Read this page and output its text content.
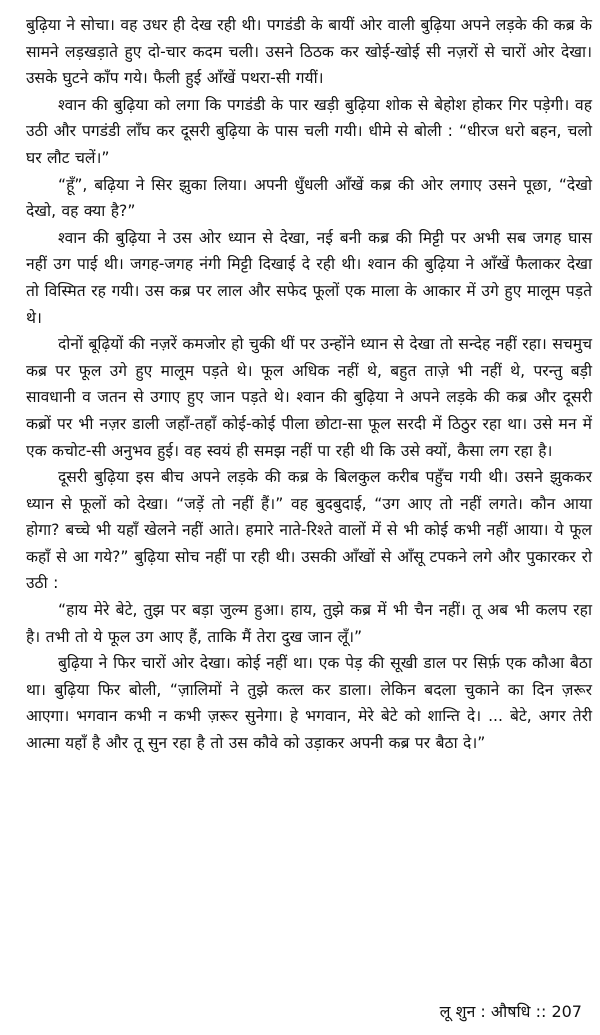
बुढ़िया ने सोचा। वह उधर ही देख रही थी। पगडंडी के बायीं ओर वाली बुढ़िया अपने लड़के की कब्र के सामने लड़खड़ाते हुए दो-चार कदम चली। उसने ठिठक कर खोई-खोई सी नज़रों से चारों ओर देखा। उसके घुटने काँप गये। फैली हुई आँखें पथरा-सी गयीं।

श्वान की बुढ़िया को लगा कि पगडंडी के पार खड़ी बुढ़िया शोक से बेहोश होकर गिर पड़ेगी। वह उठी और पगडंडी लाँघ कर दूसरी बुढ़िया के पास चली गयी। धीमे से बोली : “धीरज धरो बहन, चलो घर लौट चलें।”

“हूँ”, बढ़िया ने सिर झुका लिया। अपनी धुँधली आँखें कब्र की ओर लगाए उसने पूछा, “देखो देखो, वह क्या है?”

श्वान की बुढ़िया ने उस ओर ध्यान से देखा, नई बनी कब्र की मिट्टी पर अभी सब जगह घास नहीं उग पाई थी। जगह-जगह नंगी मिट्टी दिखाई दे रही थी। श्वान की बुढ़िया ने आँखें फैलाकर देखा तो विस्मित रह गयी। उस कब्र पर लाल और सफेद फूलों एक माला के आकार में उगे हुए मालूम पड़ते थे।

दोनों बूढ़ियों की नज़रें कमजोर हो चुकी थीं पर उन्होंने ध्यान से देखा तो सन्देह नहीं रहा। सचमुच कब्र पर फूल उगे हुए मालूम पड़ते थे। फूल अधिक नहीं थे, बहुत ताज़े भी नहीं थे, परन्तु बड़ी सावधानी व जतन से उगाए हुए जान पड़ते थे। श्वान की बुढ़िया ने अपने लड़के की कब्र और दूसरी कब्रों पर भी नज़र डाली जहाँ-तहाँ कोई-कोई पीला छोटा-सा फूल सरदी में ठिठुर रहा था। उसे मन में एक कचोट-सी अनुभव हुई। वह स्वयं ही समझ नहीं पा रही थी कि उसे क्यों, कैसा लग रहा है।

दूसरी बुढ़िया इस बीच अपने लड़के की कब्र के बिलकुल करीब पहुँच गयी थी। उसने झुककर ध्यान से फूलों को देखा। “जड़ें तो नहीं हैं।” वह बुदबुदाई, “उग आए तो नहीं लगते। कौन आया होगा? बच्चे भी यहाँ खेलने नहीं आते। हमारे नाते-रिश्ते वालों में से भी कोई कभी नहीं आया। ये फूल कहाँ से आ गये?” बुढ़िया सोच नहीं पा रही थी। उसकी आँखों से आँसू टपकने लगे और पुकारकर रो उठी :

“हाय मेरे बेटे, तुझ पर बड़ा जुल्म हुआ। हाय, तुझे कब्र में भी चैन नहीं। तू अब भी कलप रहा है। तभी तो ये फूल उग आए हैं, ताकि मैं तेरा दुख जान लूँ।”

बुढ़िया ने फिर चारों ओर देखा। कोई नहीं था। एक पेड़ की सूखी डाल पर सिर्फ़ एक कौआ बैठा था। बुढ़िया फिर बोली, “ज़ालिमों ने तुझे कत्ल कर डाला। लेकिन बदला चुकाने का दिन ज़रूर आएगा। भगवान कभी न कभी ज़रूर सुनेगा। हे भगवान, मेरे बेटे को शान्ति दे। ... बेटे, अगर तेरी आत्मा यहाँ है और तू सुन रहा है तो उस कौवे को उड़ाकर अपनी कब्र पर बैठा दे।”

लू शुन : औषधि :: 207
